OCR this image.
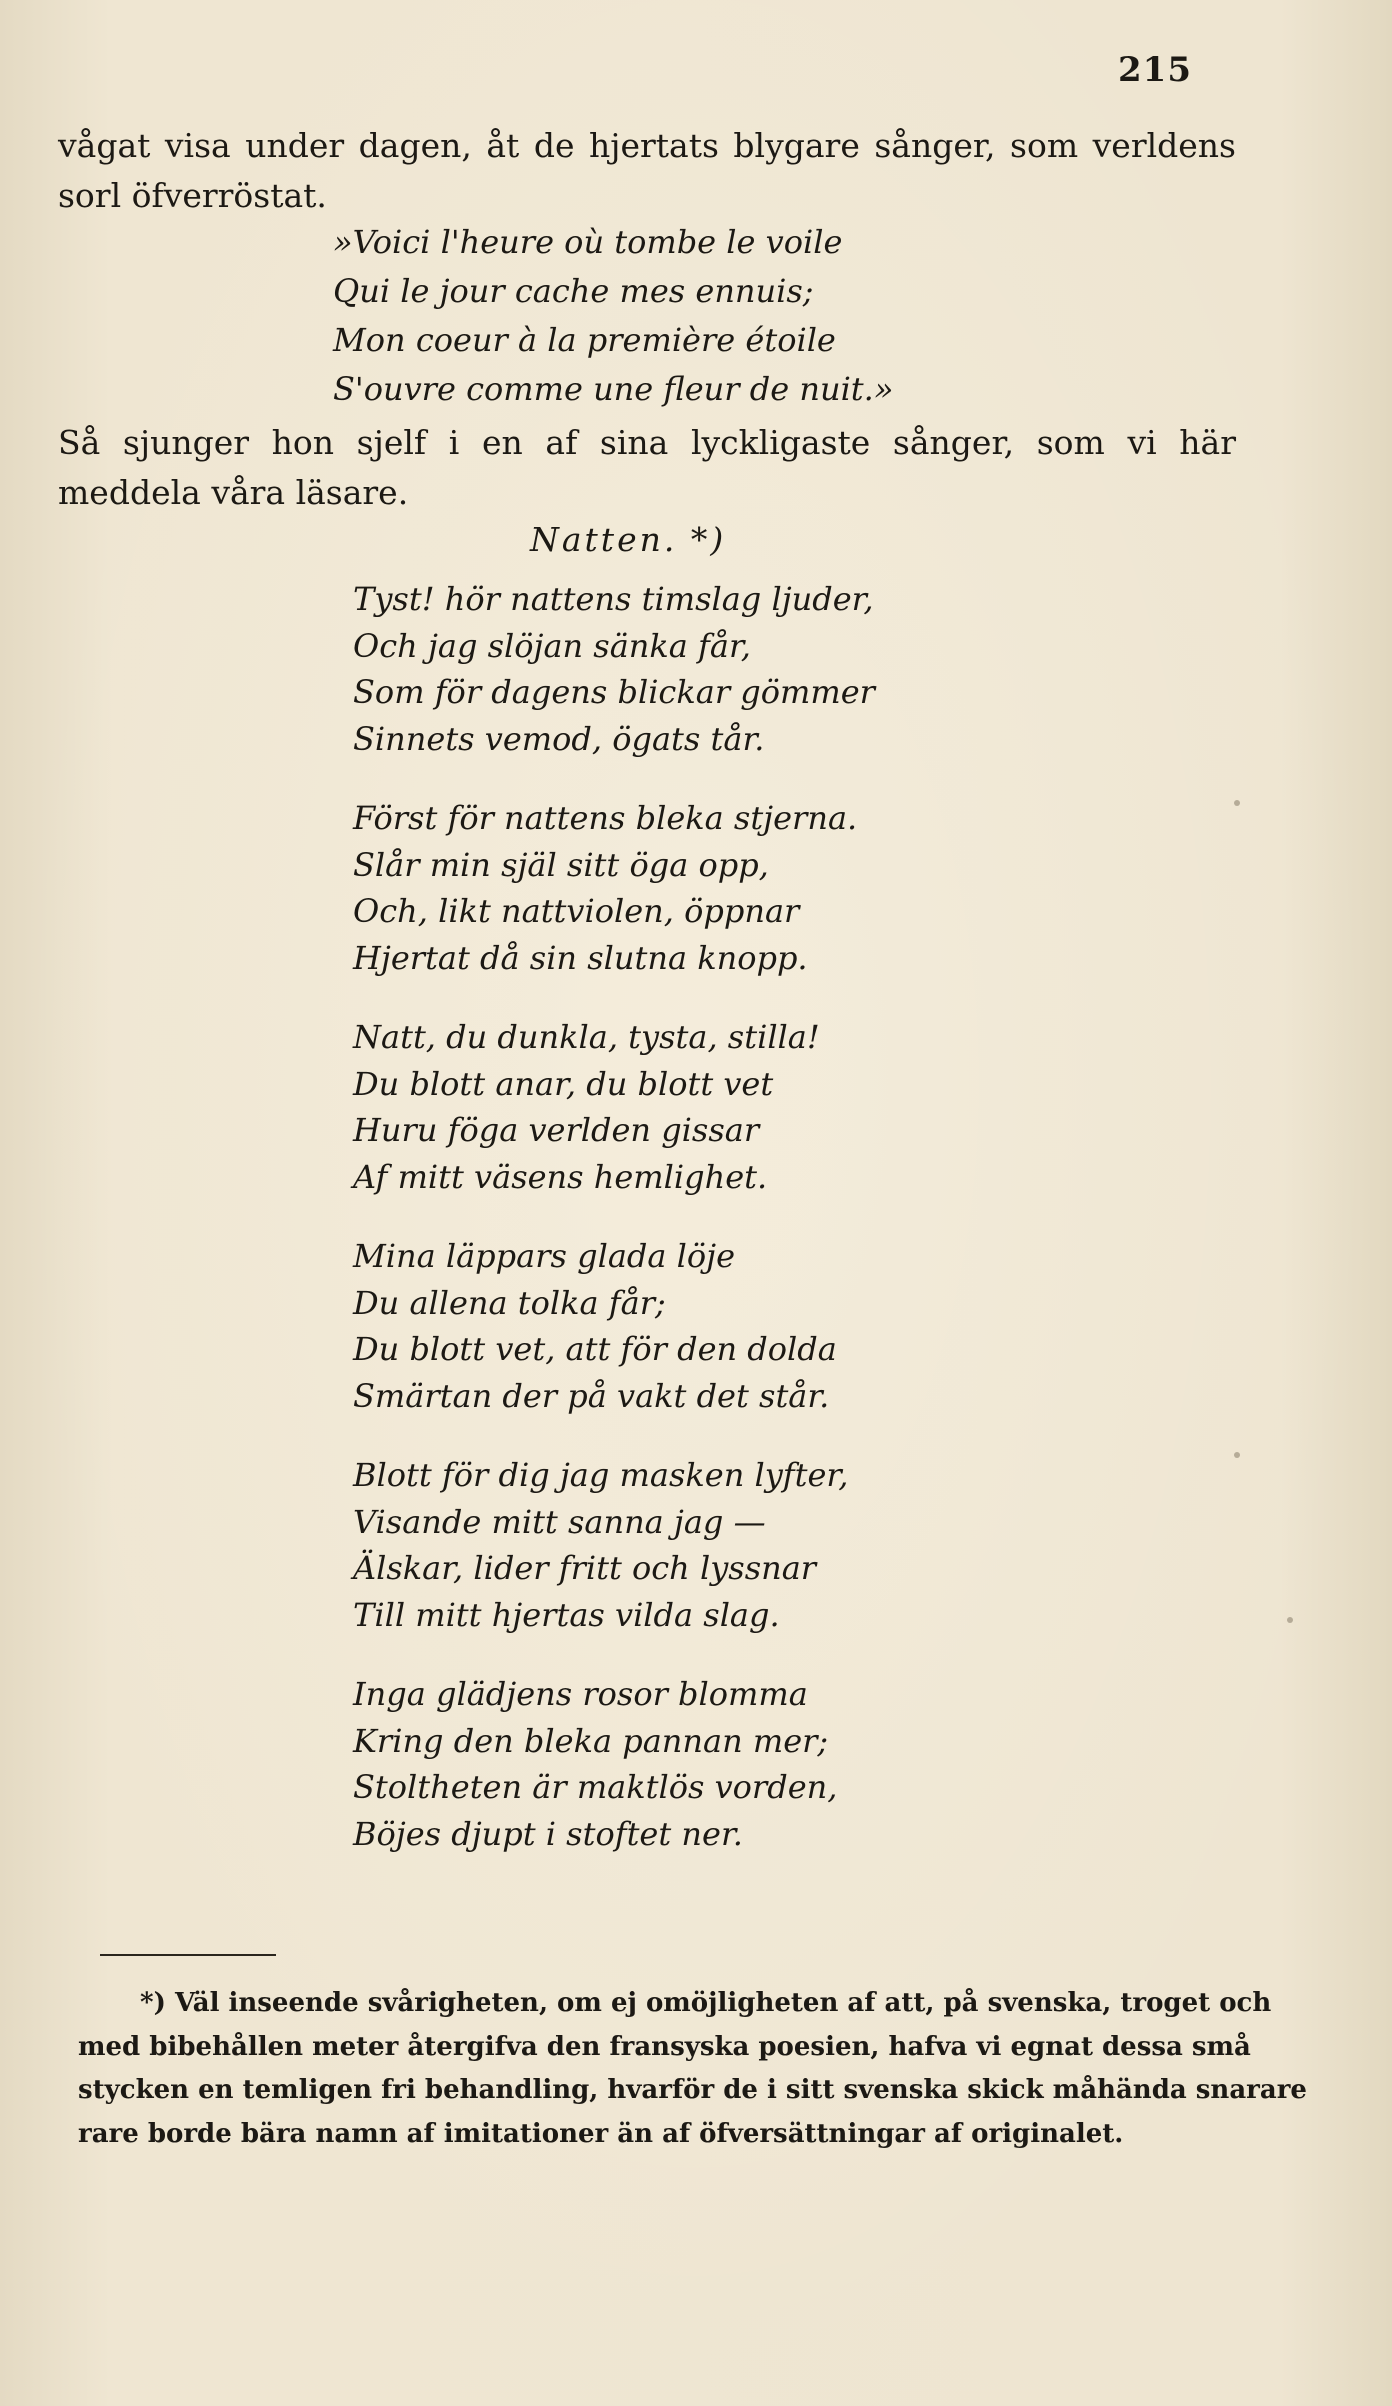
215
vågat visa under dagen, åt de hjertats blygare sånger, som verldens
sorl öfverröstat.
»Voici l'heure où tombe le voile
Qui le jour cache mes ennuis;
Mon coeur à la première étoile
S'ouvre comme une fleur de nuit.»
Så sjunger hon sjelf i en af sina lyckligaste sånger, som vi här
meddela våra läsare.
Natten. *)
Tyst! hör nattens timslag ljuder,
Och jag slöjan sänka får,
Som för dagens blickar gömmer
Sinnets vemod, ögats tår.
Först för nattens bleka stjerna.
Slår min själ sitt öga opp,
Och, likt nattviolen, öppnar
Hjertat då sin slutna knopp.
Natt, du dunkla, tysta, stilla!
Du blott anar, du blott vet
Huru föga verlden gissar
Af mitt väsens hemlighet.
Mina läppars glada löje
Du allena tolka får;
Du blott vet, att för den dolda
Smärtan der på vakt det står.
Blott för dig jag masken lyfter,
Visande mitt sanna jag —
Älskar, lider fritt och lyssnar
Till mitt hjertas vilda slag.
Inga glädjens rosor blomma
Kring den bleka pannan mer;
Stoltheten är maktlös vorden,
Böjes djupt i stoftet ner.
*) Väl inseende svårigheten, om ej omöjligheten af att, på svenska, troget och
med bibehållen meter återgifva den fransyska poesien, hafva vi egnat dessa små
stycken en temligen fri behandling, hvarför de i sitt svenska skick måhända snarare
rare borde bära namn af imitationer än af öfversättningar af originalet.
